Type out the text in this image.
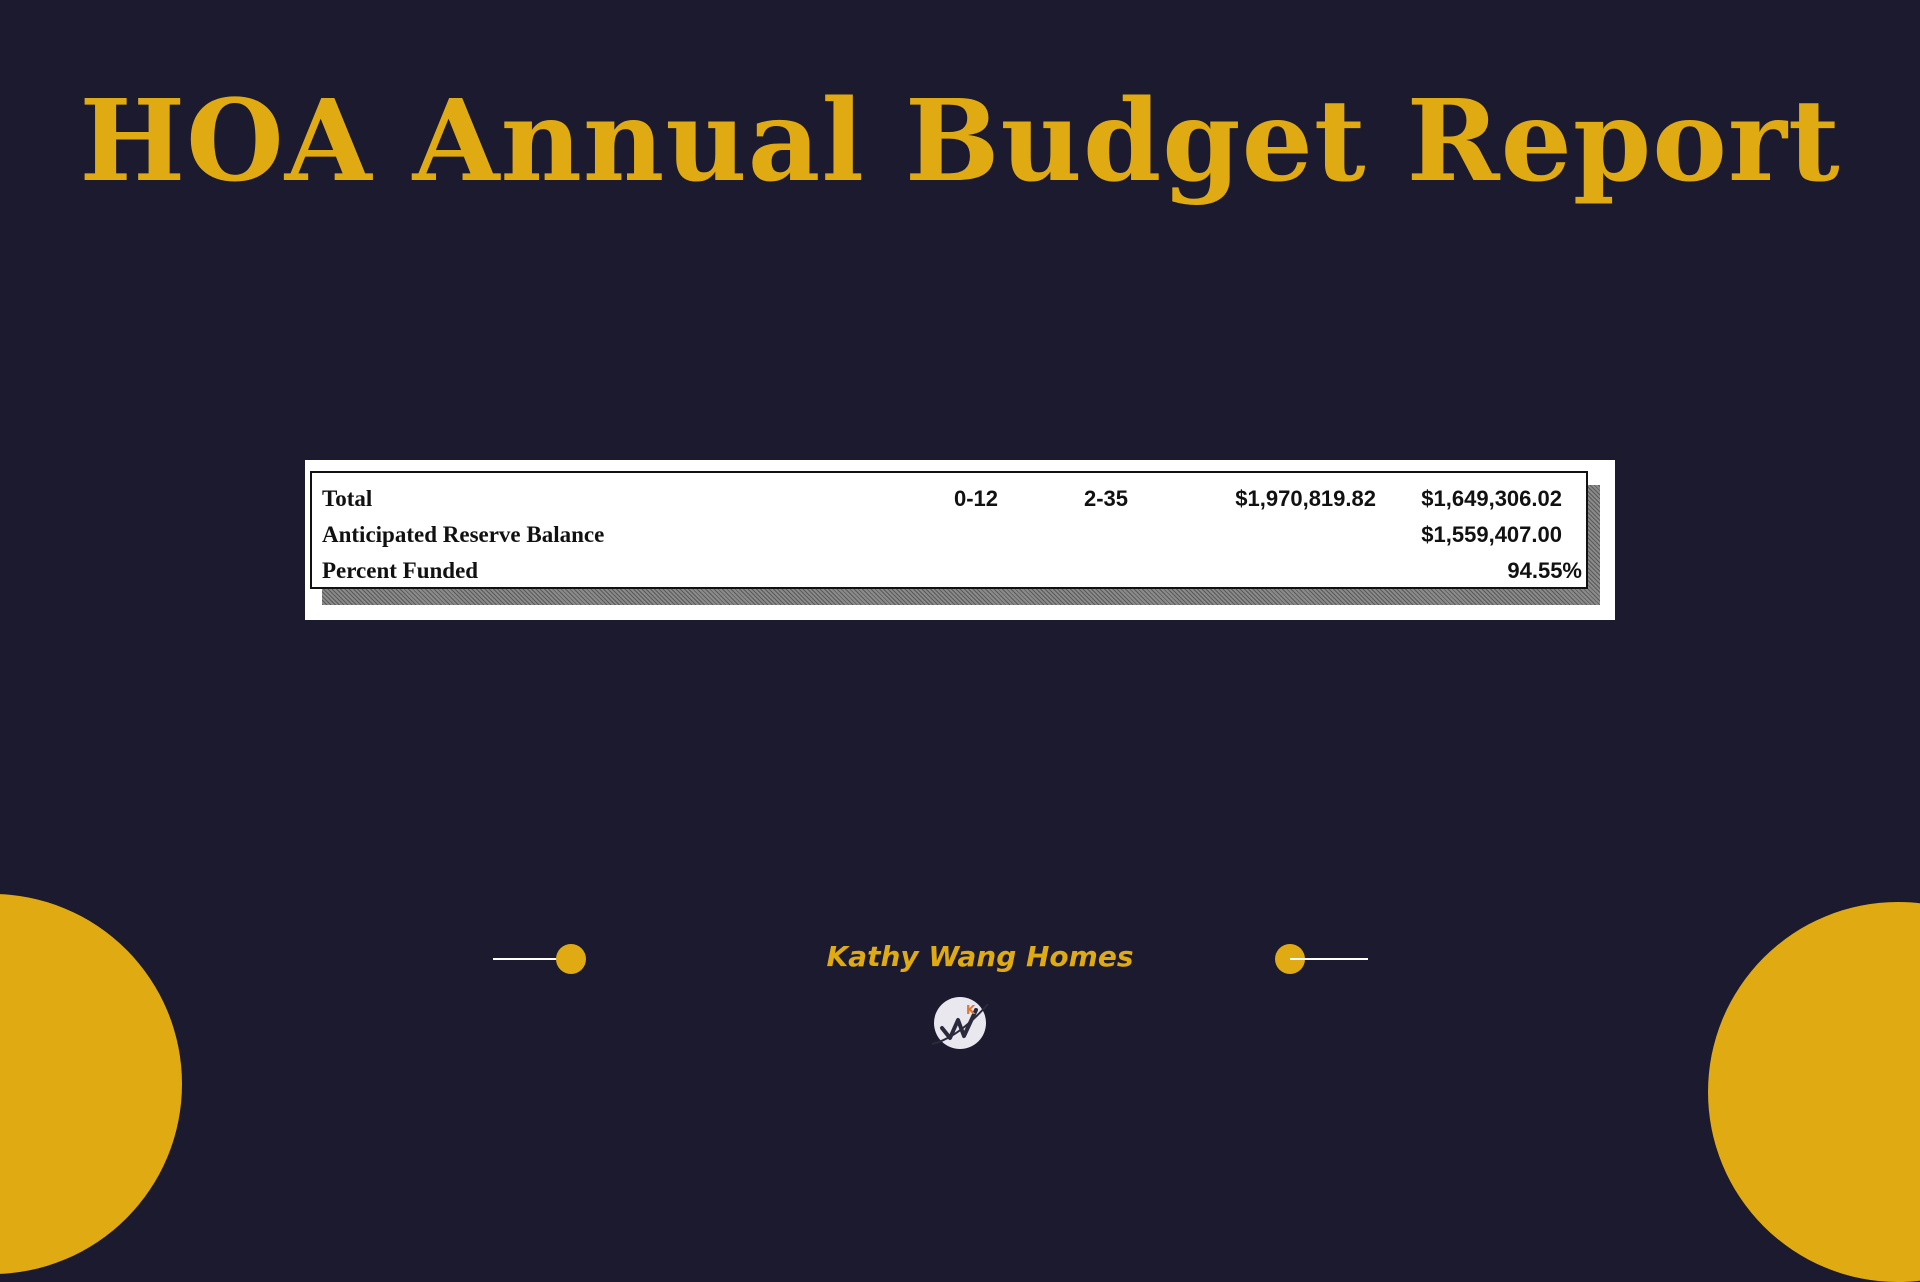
HOA Annual Budget Report
Total	0-12	2-35	$1,970,819.82	$1,649,306.02
Anticipated Reserve Balance	$1,559,407.00
Percent Funded	94.55%
Kathy Wang Homes
K
